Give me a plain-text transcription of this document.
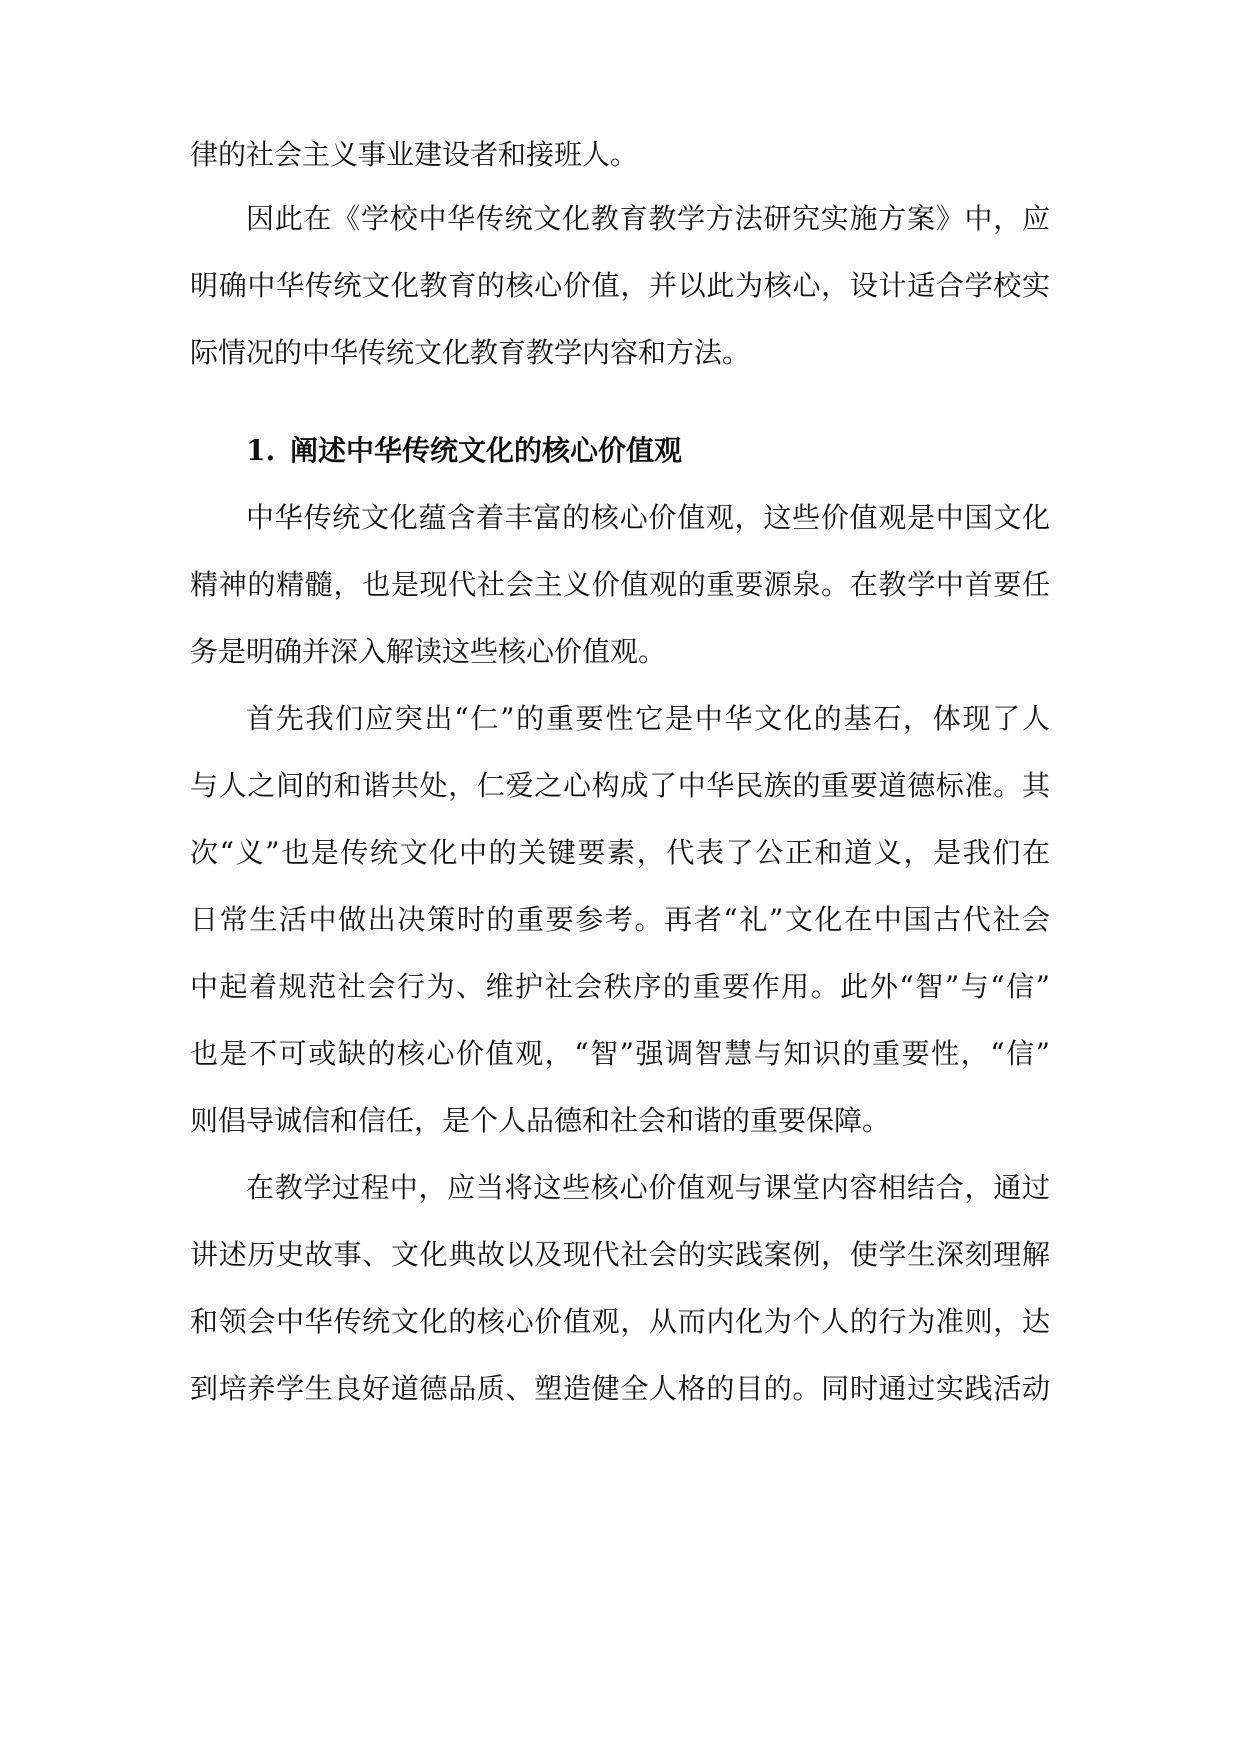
律的社会主义事业建设者和接班人。
因此在《学校中华传统文化教育教学方法研究实施方案》中，应
明确中华传统文化教育的核心价值，并以此为核心，设计适合学校实
际情况的中华传统文化教育教学内容和方法。
1. 阐述中华传统文化的核心价值观
中华传统文化蕴含着丰富的核心价值观，这些价值观是中国文化
精神的精髓，也是现代社会主义价值观的重要源泉。在教学中首要任
务是明确并深入解读这些核心价值观。
首先我们应突出“仁”的重要性它是中华文化的基石，体现了人
与人之间的和谐共处，仁爱之心构成了中华民族的重要道德标准。其
次“义”也是传统文化中的关键要素，代表了公正和道义，是我们在
日常生活中做出决策时的重要参考。再者“礼”文化在中国古代社会
中起着规范社会行为、维护社会秩序的重要作用。此外“智”与“信”
也是不可或缺的核心价值观，“智”强调智慧与知识的重要性，“信”
则倡导诚信和信任，是个人品德和社会和谐的重要保障。
在教学过程中，应当将这些核心价值观与课堂内容相结合，通过
讲述历史故事、文化典故以及现代社会的实践案例，使学生深刻理解
和领会中华传统文化的核心价值观，从而内化为个人的行为准则，达
到培养学生良好道德品质、塑造健全人格的目的。同时通过实践活动
